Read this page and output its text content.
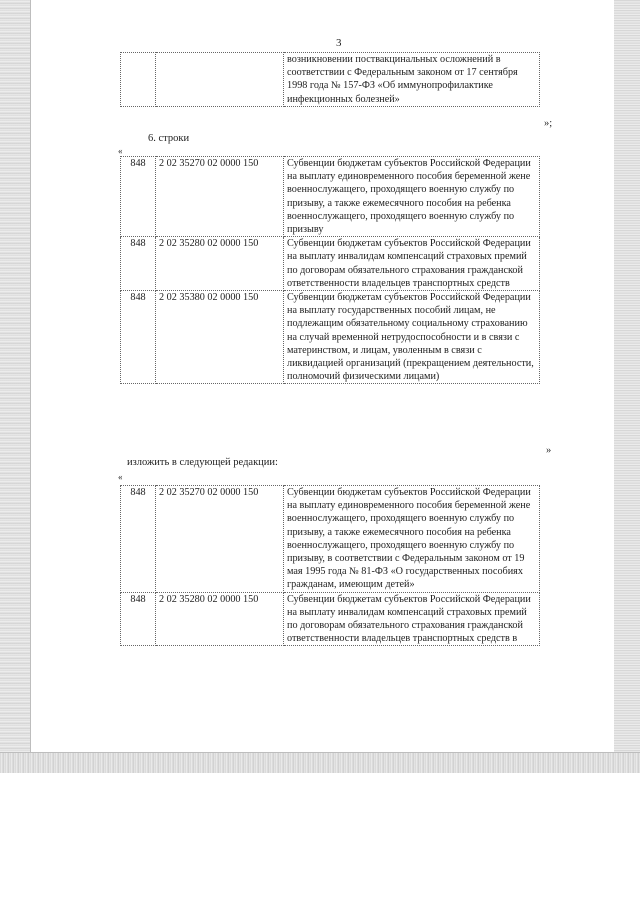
3
		возникновении поствакцинальных осложнений в соответствии с Федеральным законом от 17 сентября 1998 года № 157-ФЗ «Об иммунопрофилактике инфекционных болезней»
»;
6. строки
«
848	2 02 35270 02 0000 150	Субвенции бюджетам субъектов Российской Федерации на выплату единовременного пособия беременной жене военнослужащего, проходящего военную службу по призыву, а также ежемесячного пособия на ребенка военнослужащего, проходящего военную службу по призыву
848	2 02 35280 02 0000 150	Субвенции бюджетам субъектов Российской Федерации на выплату инвалидам компенсаций страховых премий по договорам обязательного страхования гражданской ответственности владельцев транспортных средств
848	2 02 35380 02 0000 150	Субвенции бюджетам субъектов Российской Федерации на выплату государственных пособий лицам, не подлежащим обязательному социальному страхованию на случай временной нетрудоспособности и в связи с материнством, и лицам, уволенным в связи с ликвидацией организаций (прекращением деятельности, полномочий физическими лицами)
»
изложить в следующей редакции:
«
848	2 02 35270 02 0000 150	Субвенции бюджетам субъектов Российской Федерации на выплату единовременного пособия беременной жене военнослужащего, проходящего военную службу по призыву, а также ежемесячного пособия на ребенка военнослужащего, проходящего военную службу по призыву, в соответствии с Федеральным законом от 19 мая 1995 года № 81-ФЗ «О государственных пособиях гражданам, имеющим детей»
848	2 02 35280 02 0000 150	Субвенции бюджетам субъектов Российской Федерации на выплату инвалидам компенсаций страховых премий по договорам обязательного страхования гражданской ответственности владельцев транспортных средств в
